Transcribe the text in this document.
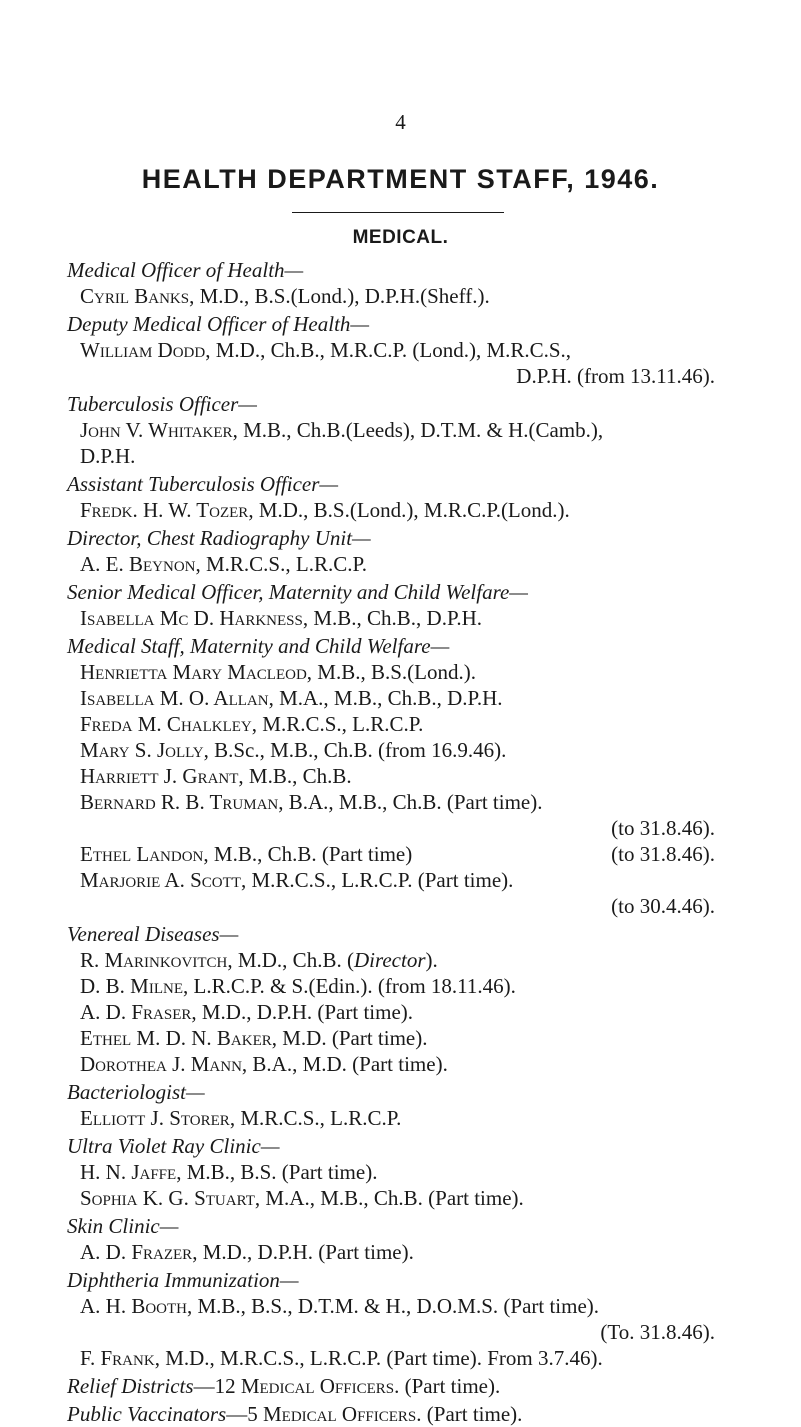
4
HEALTH DEPARTMENT STAFF, 1946.
MEDICAL.
Medical Officer of Health—
Cyril Banks, M.D., B.S.(Lond.), D.P.H.(Sheff.).
Deputy Medical Officer of Health—
William Dodd, M.D., Ch.B., M.R.C.P. (Lond.), M.R.C.S.,
D.P.H. (from 13.11.46).
Tuberculosis Officer—
John V. Whitaker, M.B., Ch.B.(Leeds), D.T.M. & H.(Camb.),
D.P.H.
Assistant Tuberculosis Officer—
Fredk. H. W. Tozer, M.D., B.S.(Lond.), M.R.C.P.(Lond.).
Director, Chest Radiography Unit—
A. E. Beynon, M.R.C.S., L.R.C.P.
Senior Medical Officer, Maternity and Child Welfare—
Isabella Mc D. Harkness, M.B., Ch.B., D.P.H.
Medical Staff, Maternity and Child Welfare—
Henrietta Mary Macleod, M.B., B.S.(Lond.).
Isabella M. O. Allan, M.A., M.B., Ch.B., D.P.H.
Freda M. Chalkley, M.R.C.S., L.R.C.P.
Mary S. Jolly, B.Sc., M.B., Ch.B. (from 16.9.46).
Harriett J. Grant, M.B., Ch.B.
Bernard R. B. Truman, B.A., M.B., Ch.B. (Part time).
(to 31.8.46).
Ethel Landon, M.B., Ch.B. (Part time)	(to 31.8.46).
Marjorie A. Scott, M.R.C.S., L.R.C.P. (Part time).
(to 30.4.46).
Venereal Diseases—
R. Marinkovitch, M.D., Ch.B. (Director).
D. B. Milne, L.R.C.P. & S.(Edin.). (from 18.11.46).
A. D. Fraser, M.D., D.P.H. (Part time).
Ethel M. D. N. Baker, M.D. (Part time).
Dorothea J. Mann, B.A., M.D. (Part time).
Bacteriologist—
Elliott J. Storer, M.R.C.S., L.R.C.P.
Ultra Violet Ray Clinic—
H. N. Jaffe, M.B., B.S. (Part time).
Sophia K. G. Stuart, M.A., M.B., Ch.B. (Part time).
Skin Clinic—
A. D. Frazer, M.D., D.P.H. (Part time).
Diphtheria Immunization—
A. H. Booth, M.B., B.S., D.T.M. & H., D.O.M.S. (Part time).
(To. 31.8.46).
F. Frank, M.D., M.R.C.S., L.R.C.P. (Part time). From 3.7.46).
Relief Districts—12 Medical Officers. (Part time).
Public Vaccinators—5 Medical Officers. (Part time).
